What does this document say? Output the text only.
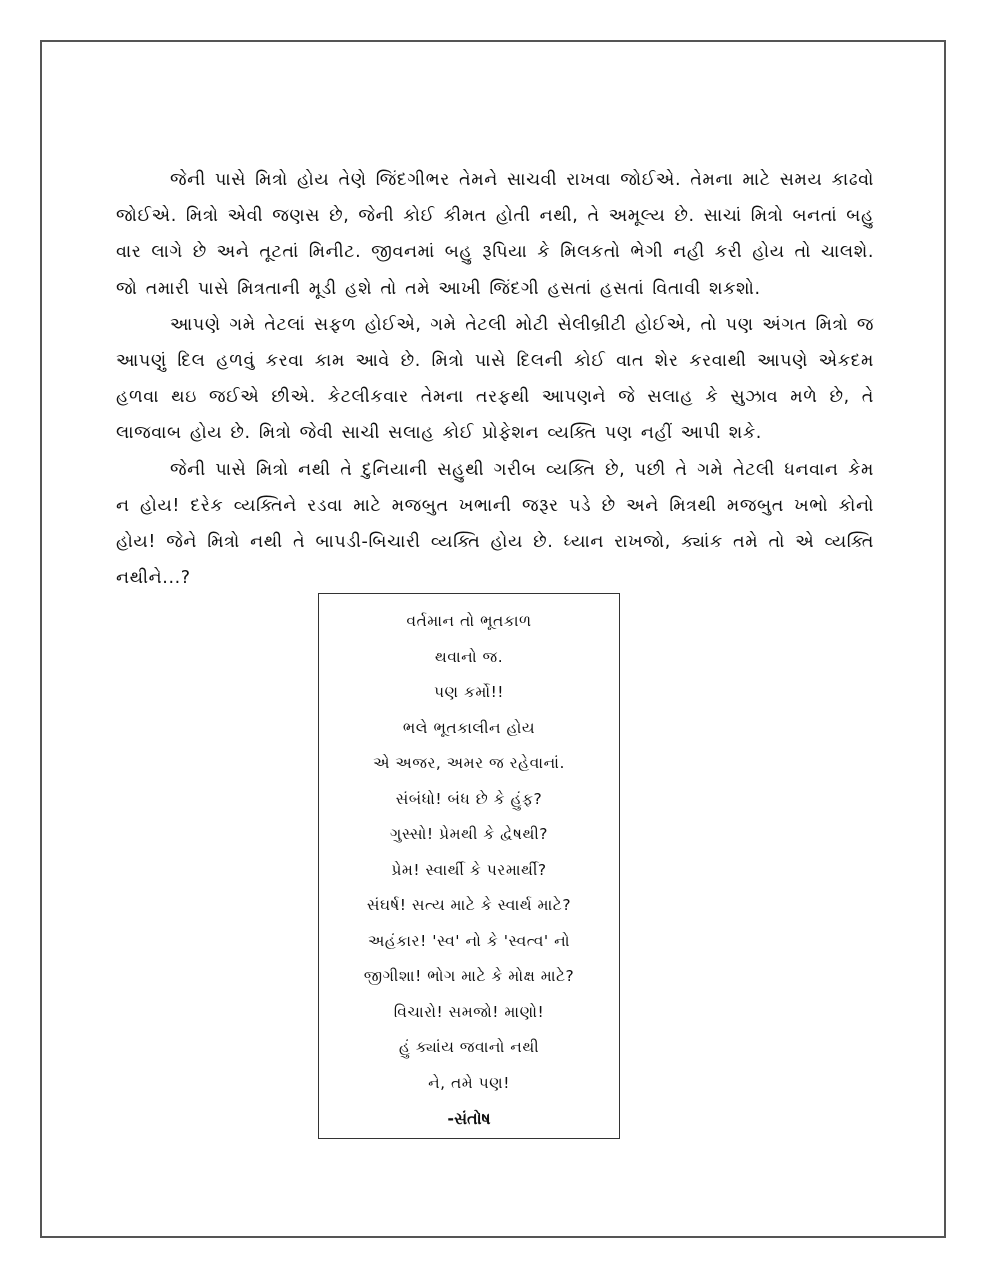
જેની પાસે મિત્રો હોય તેણે જિંદગીભર તેમને સાચવી રાખવા જોઈએ. તેમના માટે સમય કાઢવો જોઈએ. મિત્રો એવી જણસ છે, જેની કોઈ કીમત હોતી નથી, તે અમૂલ્ય છે. સાચાં મિત્રો બનતાં બહુ વાર લાગે છે અને તૂટતાં મિનીટ. જીવનમાં બહુ રૂપિયા કે મિલકતો ભેગી નહી કરી હોય તો ચાલશે. જો તમારી પાસે મિત્રતાની મૂડી હશે તો તમે આખી જિંદગી હસતાં હસતાં વિતાવી શકશો.

આપણે ગમે તેટલાં સફળ હોઈએ, ગમે તેટલી મોટી સેલીબ્રીટી હોઈએ, તો પણ અંગત મિત્રો જ આપણું દિલ હળવું કરવા કામ આવે છે. મિત્રો પાસે દિલની કોઈ વાત શેર કરવાથી આપણે એકદમ હળવા થઇ જઈએ છીએ. કેટલીકવાર તેમના તરફથી આપણને જે સલાહ કે સુઝાવ મળે છે, તે લાજવાબ હોય છે. મિત્રો જેવી સાચી સલાહ કોઈ પ્રોફેશન વ્યક્તિ પણ નહીં આપી શકે.

જેની પાસે મિત્રો નથી તે દુનિયાની સહુથી ગરીબ વ્યક્તિ છે, પછી તે ગમે તેટલી ધનવાન કેમ ન હોય! દરેક વ્યક્તિને રડવા માટે મજબુત ખભાની જરૂર પડે છે અને મિત્રથી મજબુત ખભો કોનો હોય! જેને મિત્રો નથી તે બાપડી-બિચારી વ્યક્તિ હોય છે. ધ્યાન રાખજો, ક્યાંક તમે તો એ વ્યક્તિ નથીને...?

વર્તમાન તો ભૂતકાળ

થવાનો જ.

પણ કર્મો!!

ભલે ભૂતકાલીન હોય

એ અજર, અમર જ રહેવાનાં.

સંબંધો! બંધ છે કે હુંફ?

ગુસ્સો! પ્રેમથી કે દ્વેષથી?

પ્રેમ! સ્વાર્થી કે પરમાર્થી?

સંઘર્ષ! સત્ય માટે કે સ્વાર્થ માટે?

અહંકાર! 'સ્વ' નો કે 'સ્વત્વ' નો

જીગીશા! ભોગ માટે કે મોક્ષ માટે?

વિચારો! સમજો! માણો!

હું ક્યાંય જવાનો નથી

ને, તમે પણ!

-સંતોષ
